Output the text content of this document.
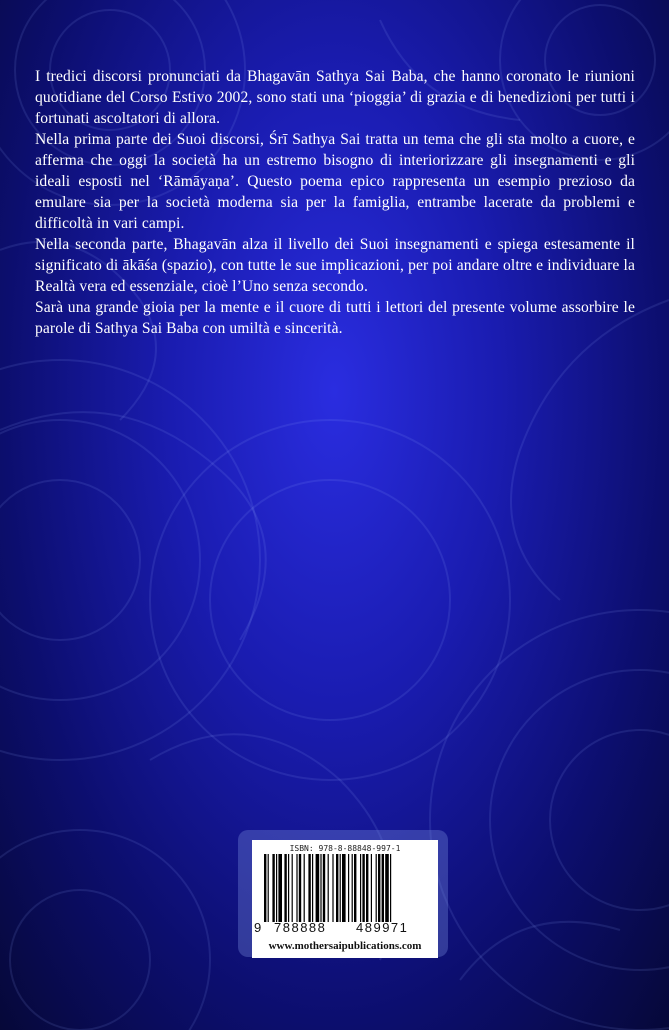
I tredici discorsi pronunciati da Bhagavān Sathya Sai Baba, che hanno coronato le riunioni quotidiane del Corso Estivo 2002, sono stati una ‘pioggia’ di grazia e di benedizioni per tutti i fortunati ascoltatori di allora.

Nella prima parte dei Suoi discorsi, Śrī Sathya Sai tratta un tema che gli sta molto a cuore, e afferma che oggi la società ha un estremo bisogno di interiorizzare gli insegnamenti e gli ideali esposti nel ‘Rāmāyaṇa’. Questo poema epico rappresenta un esempio prezioso da emulare sia per la società moderna sia per la famiglia, entrambe lacerate da problemi e difficoltà in vari campi.

Nella seconda parte, Bhagavān alza il livello dei Suoi insegnamenti e spiega estesamente il significato di ākāśa (spazio), con tutte le sue implicazioni, per poi andare oltre e individuare la Realtà vera ed essenziale, cioè l’Uno senza secondo.

Sarà una grande gioia per la mente e il cuore di tutti i lettori del presente volume assorbire le parole di Sathya Sai Baba con umiltà e sincerità.

ISBN: 978-8-88848-997-1
9 788888 489971
www.mothersaipublications.com
